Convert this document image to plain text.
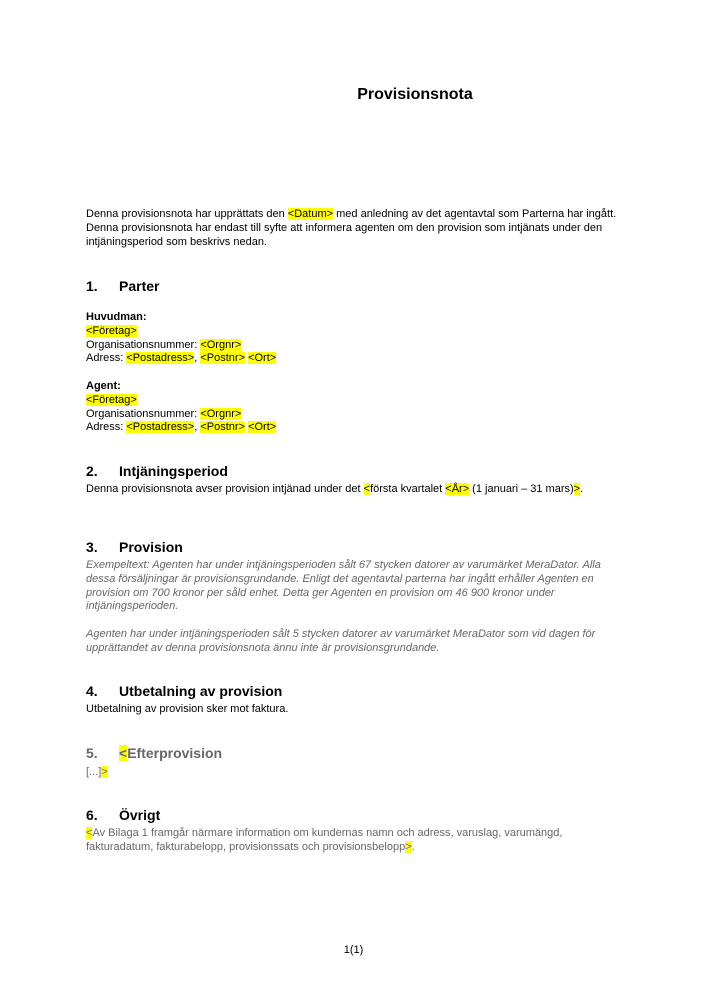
Provisionsnota

Denna provisionsnota har upprättats den <Datum> med anledning av det agentavtal som Parterna har ingått. Denna provisionsnota har endast till syfte att informera agenten om den provision som intjänats under den intjäningsperiod som beskrivs nedan.

1. Parter

Huvudman:

<Företag>

Organisationsnummer: <Orgnr>

Adress: <Postadress>, <Postnr> <Ort>

Agent:

<Företag>

Organisationsnummer: <Orgnr>

Adress: <Postadress>, <Postnr> <Ort>

2. Intjäningsperiod

Denna provisionsnota avser provision intjänad under det <första kvartalet <År> (1 januari – 31 mars)>.

3. Provision

Exempeltext: Agenten har under intjäningsperioden sålt 67 stycken datorer av varumärket MeraDator. Alla dessa försäljningar är provisionsgrundande. Enligt det agentavtal parterna har ingått erhåller Agenten en provision om 700 kronor per såld enhet. Detta ger Agenten en provision om 46 900 kronor under intjäningsperioden.

Agenten har under intjäningsperioden sålt 5 stycken datorer av varumärket MeraDator som vid dagen för upprättandet av denna provisionsnota ännu inte är provisionsgrundande.

4. Utbetalning av provision

Utbetalning av provision sker mot faktura.

5. <Efterprovision

[...]>

6. Övrigt

<Av Bilaga 1 framgår närmare information om kundernas namn och adress, varuslag, varumängd, fakturadatum, fakturabelopp, provisionssats och provisionsbelopp>.

1(1)
